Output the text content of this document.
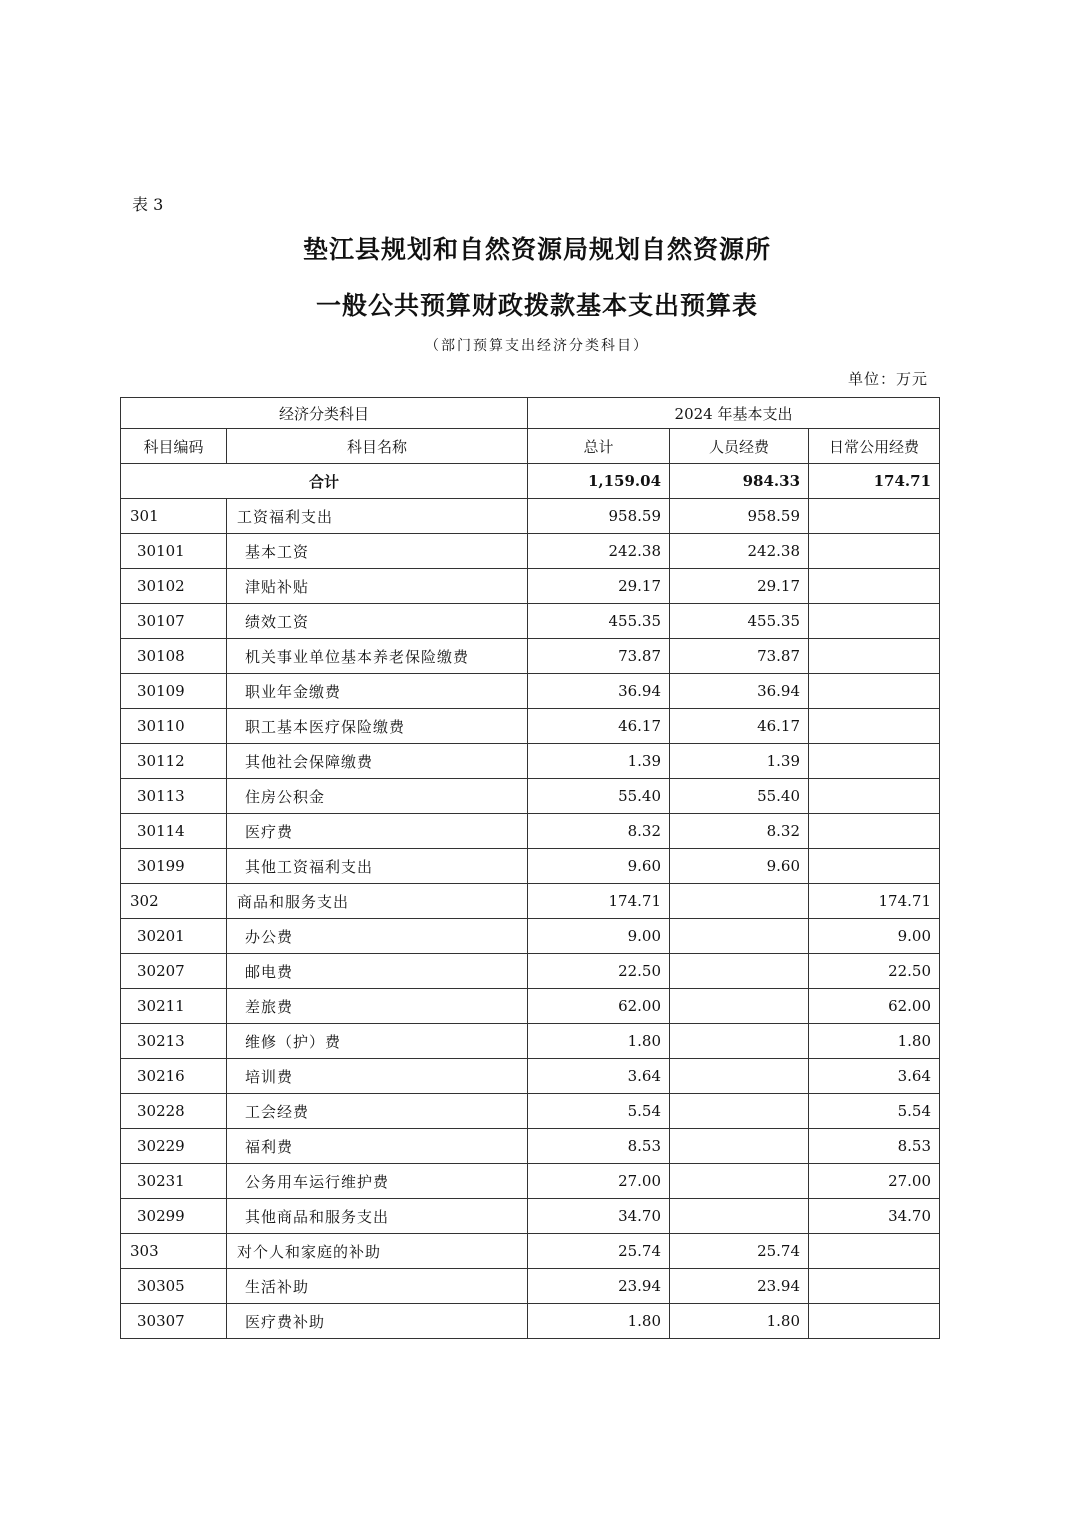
表 3
垫江县规划和自然资源局规划自然资源所
一般公共预算财政拨款基本支出预算表
（部门预算支出经济分类科目）
单位：万元
经济分类科目		2024 年基本支出		
科目编码	科目名称	总计	人员经费	日常公用经费
合计		1,159.04	984.33	174.71
301	工资福利支出	958.59	958.59	
30101	基本工资	242.38	242.38	
30102	津贴补贴	29.17	29.17	
30107	绩效工资	455.35	455.35	
30108	机关事业单位基本养老保险缴费	73.87	73.87	
30109	职业年金缴费	36.94	36.94	
30110	职工基本医疗保险缴费	46.17	46.17	
30112	其他社会保障缴费	1.39	1.39	
30113	住房公积金	55.40	55.40	
30114	医疗费	8.32	8.32	
30199	其他工资福利支出	9.60	9.60	
302	商品和服务支出	174.71		174.71
30201	办公费	9.00		9.00
30207	邮电费	22.50		22.50
30211	差旅费	62.00		62.00
30213	维修（护）费	1.80		1.80
30216	培训费	3.64		3.64
30228	工会经费	5.54		5.54
30229	福利费	8.53		8.53
30231	公务用车运行维护费	27.00		27.00
30299	其他商品和服务支出	34.70		34.70
303	对个人和家庭的补助	25.74	25.74	
30305	生活补助	23.94	23.94	
30307	医疗费补助	1.80	1.80	
